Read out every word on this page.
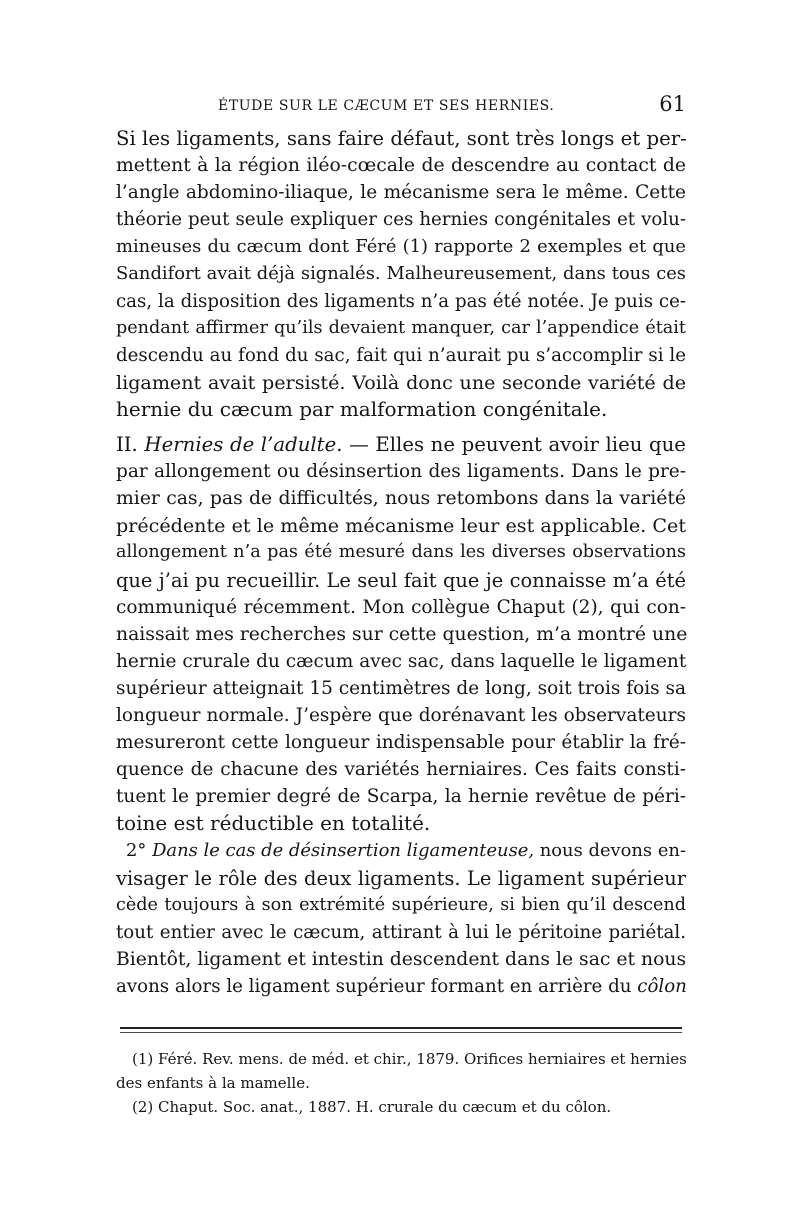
ÉTUDE SUR LE CÆCUM ET SES HERNIES.	61
Si les ligaments, sans faire défaut, sont très longs et per-
mettent à la région iléo-cœcale de descendre au contact de
l’angle abdomino-iliaque, le mécanisme sera le même. Cette
théorie peut seule expliquer ces hernies congénitales et volu-
mineuses du cæcum dont Féré (1) rapporte 2 exemples et que
Sandifort avait déjà signalés. Malheureusement, dans tous ces
cas, la disposition des ligaments n’a pas été notée. Je puis ce-
pendant affirmer qu’ils devaient manquer, car l’appendice était
descendu au fond du sac, fait qui n’aurait pu s’accomplir si le
ligament avait persisté. Voilà donc une seconde variété de
hernie du cæcum par malformation congénitale.
II. Hernies de l’adulte. — Elles ne peuvent avoir lieu que
par allongement ou désinsertion des ligaments. Dans le pre-
mier cas, pas de difficultés, nous retombons dans la variété
précédente et le même mécanisme leur est applicable. Cet
allongement n’a pas été mesuré dans les diverses observations
que j’ai pu recueillir. Le seul fait que je connaisse m’a été
communiqué récemment. Mon collègue Chaput (2), qui con-
naissait mes recherches sur cette question, m’a montré une
hernie crurale du cæcum avec sac, dans laquelle le ligament
supérieur atteignait 15 centimètres de long, soit trois fois sa
longueur normale. J’espère que dorénavant les observateurs
mesureront cette longueur indispensable pour établir la fré-
quence de chacune des variétés herniaires. Ces faits consti-
tuent le premier degré de Scarpa, la hernie revêtue de péri-
toine est réductible en totalité.
2° Dans le cas de désinsertion ligamenteuse, nous devons en-
visager le rôle des deux ligaments. Le ligament supérieur
cède toujours à son extrémité supérieure, si bien qu’il descend
tout entier avec le cæcum, attirant à lui le péritoine pariétal.
Bientôt, ligament et intestin descendent dans le sac et nous
avons alors le ligament supérieur formant en arrière du côlon
(1) Féré. Rev. mens. de méd. et chir., 1879. Orifices herniaires et hernies
des enfants à la mamelle.
(2) Chaput. Soc. anat., 1887. H. crurale du cæcum et du côlon.
